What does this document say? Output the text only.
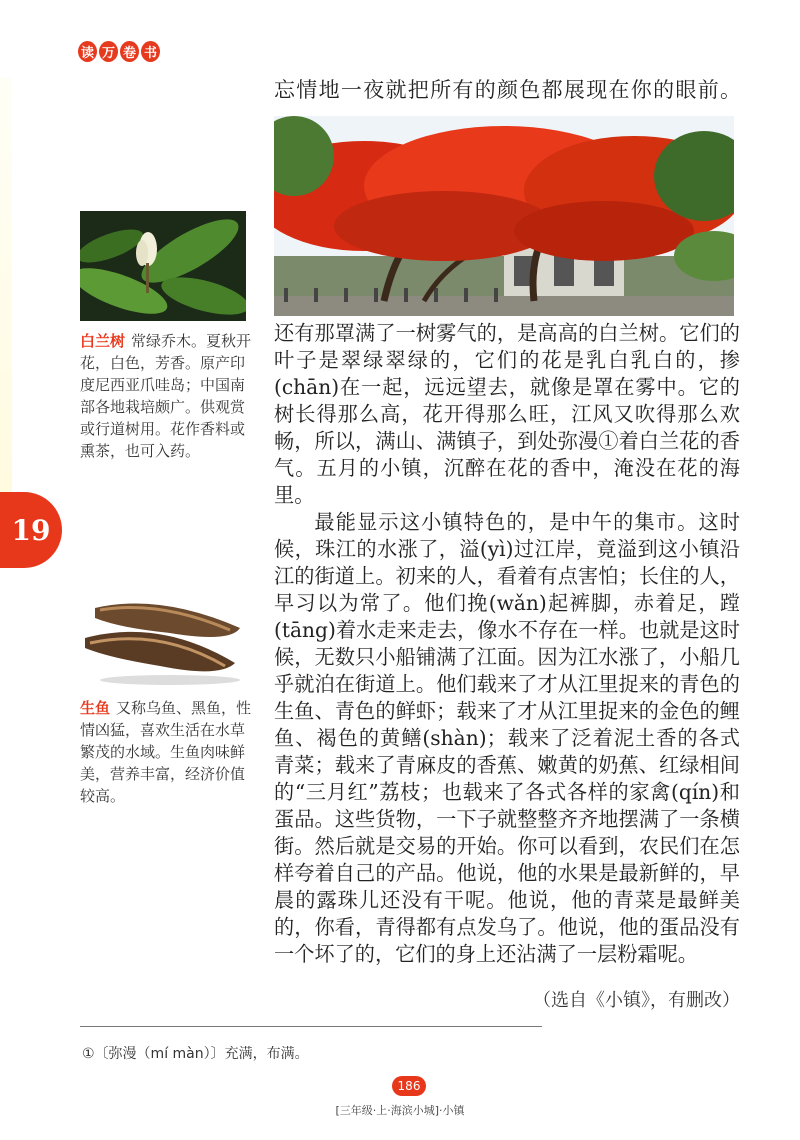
读 万 卷 书
19
忘情地一夜就把所有的颜色都展现在你的眼前。
白兰树 常绿乔木。夏秋开花，白色，芳香。原产印度尼西亚爪哇岛；中国南部各地栽培颇广。供观赏或行道树用。花作香料或熏茶，也可入药。
生鱼 又称乌鱼、黑鱼，性情凶猛，喜欢生活在水草繁茂的水域。生鱼肉味鲜美，营养丰富，经济价值较高。

还有那罩满了一树雾气的，是高高的白兰树。它们的叶子是翠绿翠绿的，它们的花是乳白乳白的，掺(chān)在一起，远远望去，就像是罩在雾中。它的树长得那么高，花开得那么旺，江风又吹得那么欢畅，所以，满山、满镇子，到处弥漫①着白兰花的香气。五月的小镇，沉醉在花的香中，淹没在花的海里。

最能显示这小镇特色的，是中午的集市。这时候，珠江的水涨了，溢(yì)过江岸，竟溢到这小镇沿江的街道上。初来的人，看着有点害怕；长住的人，早习以为常了。他们挽(wǎn)起裤脚，赤着足，蹚(tāng)着水走来走去，像水不存在一样。也就是这时候，无数只小船铺满了江面。因为江水涨了，小船几乎就泊在街道上。他们载来了才从江里捉来的青色的生鱼、青色的鲜虾；载来了才从江里捉来的金色的鲤鱼、褐色的黄鳝(shàn)；载来了泛着泥土香的各式青菜；载来了青麻皮的香蕉、嫩黄的奶蕉、红绿相间的“三月红”荔枝；也载来了各式各样的家禽(qín)和蛋品。这些货物，一下子就整整齐齐地摆满了一条横街。然后就是交易的开始。你可以看到，农民们在怎样夸着自己的产品。他说，他的水果是最新鲜的，早晨的露珠儿还没有干呢。他说，他的青菜是最鲜美的，你看，青得都有点发乌了。他说，他的蛋品没有一个坏了的，它们的身上还沾满了一层粉霜呢。

（选自《小镇》，有删改）
①〔弥漫（mí màn）〕充满，布满。
186
[三年级·上·海滨小城]·小镇
